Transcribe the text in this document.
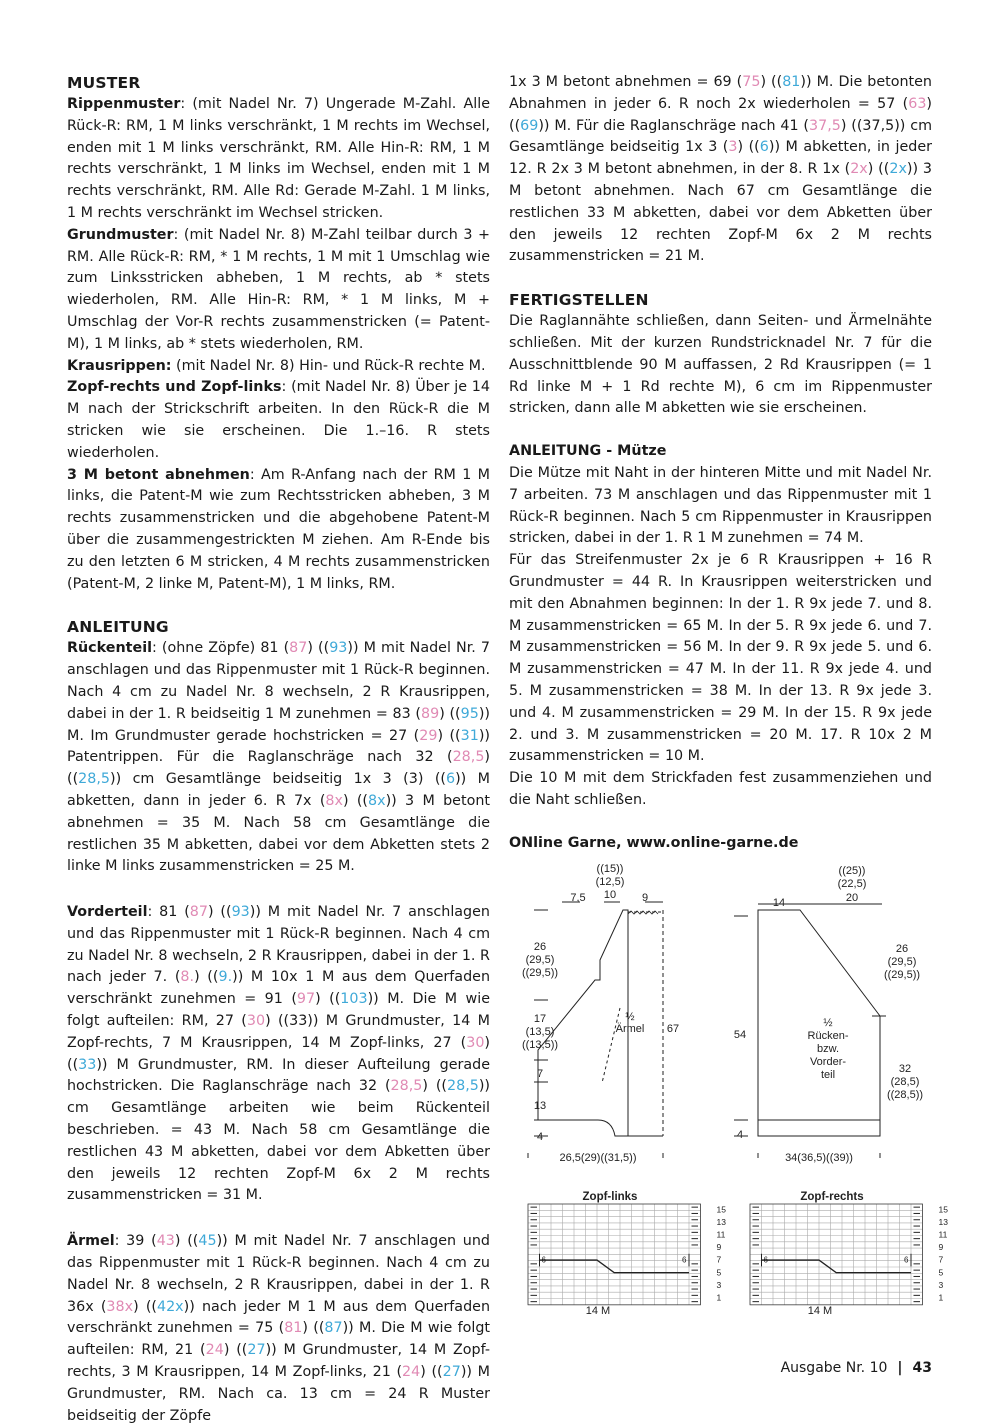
MUSTER

Rippenmuster: (mit Nadel Nr. 7) Ungerade M-Zahl. Alle Rück-R: RM, 1 M links verschränkt, 1 M rechts im Wechsel, enden mit 1 M links verschränkt, RM. Alle Hin-R: RM, 1 M rechts verschränkt, 1 M links im Wechsel, enden mit 1 M rechts verschränkt, RM. Alle Rd: Gerade M-Zahl. 1 M links, 1 M rechts verschränkt im Wechsel stricken.

Grundmuster: (mit Nadel Nr. 8) M-Zahl teilbar durch 3 + RM. Alle Rück-R: RM, * 1 M rechts, 1 M mit 1 Umschlag wie zum Linksstricken abheben, 1 M rechts, ab * stets wiederholen, RM. Alle Hin-R: RM, * 1 M links, M + Umschlag der Vor-R rechts zusammenstricken (= Patent-M), 1 M links, ab * stets wiederholen, RM.

Krausrippen: (mit Nadel Nr. 8) Hin- und Rück-R rechte M.

Zopf-rechts und Zopf-links: (mit Nadel Nr. 8) Über je 14 M nach der Strickschrift arbeiten. In den Rück-R die M stricken wie sie erscheinen. Die 1.–16. R stets wiederholen.

3 M betont abnehmen: Am R-Anfang nach der RM 1 M links, die Patent-M wie zum Rechtsstricken abheben, 3 M rechts zusammenstricken und die abgehobene Patent-M über die zusammengestrickten M ziehen. Am R-Ende bis zu den letzten 6 M stricken, 4 M rechts zusammenstricken (Patent-M, 2 linke M, Patent-M), 1 M links, RM.

ANLEITUNG

Rückenteil: (ohne Zöpfe) 81 (87) ((93)) M mit Nadel Nr. 7 anschlagen und das Rippenmuster mit 1 Rück-R beginnen. Nach 4 cm zu Nadel Nr. 8 wechseln, 2 R Krausrippen, dabei in der 1. R beidseitig 1 M zunehmen = 83 (89) ((95)) M. Im Grundmuster gerade hochstricken = 27 (29) ((31)) Patentrippen. Für die Raglanschräge nach 32 (28,5) ((28,5)) cm Gesamtlänge beidseitig 1x 3 (3) ((6)) M abketten, dann in jeder 6. R 7x (8x) ((8x)) 3 M betont abnehmen = 35 M. Nach 58 cm Gesamtlänge die restlichen 35 M abketten, dabei vor dem Abketten stets 2 linke M links zusammenstricken = 25 M.

Vorderteil: 81 (87) ((93)) M mit Nadel Nr. 7 anschlagen und das Rippenmuster mit 1 Rück-R beginnen. Nach 4 cm zu Nadel Nr. 8 wechseln, 2 R Krausrippen, dabei in der 1. R nach jeder 7. (8.) ((9.)) M 10x 1 M aus dem Querfaden verschränkt zunehmen = 91 (97) ((103)) M. Die M wie folgt aufteilen: RM, 27 (30) ((33)) M Grundmuster, 14 M Zopf-rechts, 7 M Krausrippen, 14 M Zopf-links, 27 (30) ((33)) M Grundmuster, RM. In dieser Aufteilung gerade hochstricken. Die Raglanschräge nach 32 (28,5) ((28,5)) cm Gesamtlänge arbeiten wie beim Rückenteil beschrieben. = 43 M. Nach 58 cm Gesamtlänge die restlichen 43 M abketten, dabei vor dem Abketten über den jeweils 12 rechten Zopf-M 6x 2 M rechts zusammenstricken = 31 M.

Ärmel: 39 (43) ((45)) M mit Nadel Nr. 7 anschlagen und das Rippenmuster mit 1 Rück-R beginnen. Nach 4 cm zu Nadel Nr. 8 wechseln, 2 R Krausrippen, dabei in der 1. R 36x (38x) ((42x)) nach jeder M 1 M aus dem Querfaden verschränkt zunehmen = 75 (81) ((87)) M. Die M wie folgt aufteilen: RM, 21 (24) ((27)) M Grundmuster, 14 M Zopf-rechts, 3 M Krausrippen, 14 M Zopf-links, 21 (24) ((27)) M Grundmuster, RM. Nach ca. 13 cm = 24 R Muster beidseitig der Zöpfe

1x 3 M betont abnehmen = 69 (75) ((81)) M. Die betonten Abnahmen in jeder 6. R noch 2x wiederholen = 57 (63) ((69)) M. Für die Raglanschräge nach 41 (37,5) ((37,5)) cm Gesamtlänge beidseitig 1x 3 (3) ((6)) M abketten, in jeder 12. R 2x 3 M betont abnehmen, in der 8. R 1x (2x) ((2x)) 3 M betont abnehmen. Nach 67 cm Gesamtlänge die restlichen 33 M abketten, dabei vor dem Abketten über den jeweils 12 rechten Zopf-M 6x 2 M rechts zusammenstricken = 21 M.

FERTIGSTELLEN

Die Raglannähte schließen, dann Seiten- und Ärmelnähte schließen. Mit der kurzen Rundstricknadel Nr. 7 für die Ausschnittblende 90 M auffassen, 2 Rd Krausrippen (= 1 Rd linke M + 1 Rd rechte M), 6 cm im Rippenmuster stricken, dann alle M abketten wie sie erscheinen.

ANLEITUNG - Mütze

Die Mütze mit Naht in der hinteren Mitte und mit Nadel Nr. 7 arbeiten. 73 M anschlagen und das Rippenmuster mit 1 Rück-R beginnen. Nach 5 cm Rippenmuster in Krausrippen stricken, dabei in der 1. R 1 M zunehmen = 74 M.

Für das Streifenmuster 2x je 6 R Krausrippen + 16 R Grundmuster = 44 R. In Krausrippen weiterstricken und mit den Abnahmen beginnen: In der 1. R 9x jede 7. und 8. M zusammenstricken = 65 M. In der 5. R 9x jede 6. und 7. M zusammenstricken = 56 M. In der 9. R 9x jede 5. und 6. M zusammenstricken = 47 M. In der 11. R 9x jede 4. und 5. M zusammenstricken = 38 M. In der 13. R 9x jede 3. und 4. M zusammenstricken = 29 M. In der 15. R 9x jede 2. und 3. M zusammenstricken = 20 M. 17. R 10x 2 M zusammenstricken = 10 M.

Die 10 M mit dem Strickfaden fest zusammenziehen und die Naht schließen.

ONline Garne, www.online-garne.de
((15))
(12,5)
10
7,5	9
26
(29,5)
((29,5))
17
(13,5)
((13,5))
7
13
4
½
Ärmel 67
26,5(29)((31,5))
((25))
(22,5)
20
14
26
(29,5)
((29,5))
32
(28,5)
((28,5))
54
4
½
Rücken-
bzw.
Vorder-
teil
34(36,5)((39))
Zopf-links
6	6
15
13
11
9
7
5
3
1
14 M
Zopf-rechts
6	6
15
13
11
9
7
5
3
1
14 M
Ausgabe Nr. 10 | 43
